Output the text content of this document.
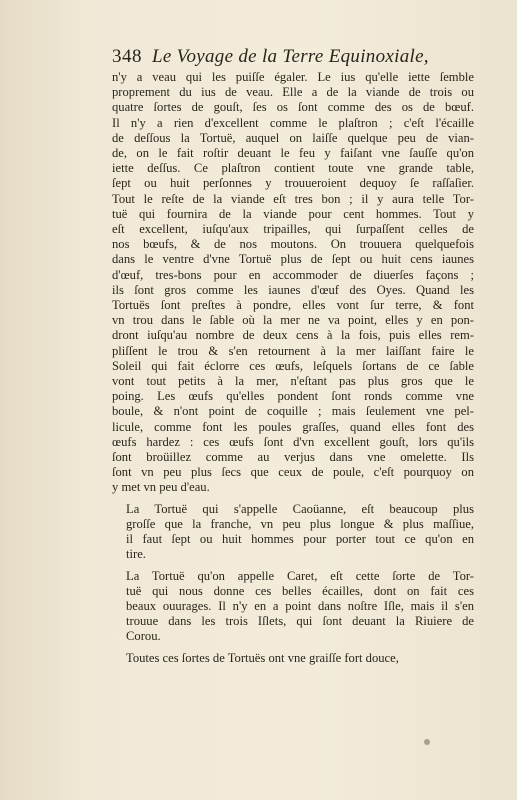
348 Le Voyage de la Terre Equinoxiale,
n'y a veau qui les puiſſe égaler. Le ius qu'elle iette ſemble
proprement du ius de veau. Elle a de la viande de trois ou
quatre ſortes de gouſt, ſes os ſont comme des os de bœuf.
Il n'y a rien d'excellent comme le plaſtron ; c'eſt l'écaille
de deſſous la Tortuë, auquel on laiſſe quelque peu de vian-
de, on le fait roſtir deuant le feu y faiſant vne ſauſſe qu'on
iette deſſus. Ce plaſtron contient toute vne grande table,
ſept ou huit perſonnes y trouueroient dequoy ſe raſſaſier.
Tout le reſte de la viande eſt tres bon ; il y aura telle Tor-
tuë qui fournira de la viande pour cent hommes. Tout y
eſt excellent, iuſqu'aux tripailles, qui ſurpaſſent celles de
nos bœufs, & de nos moutons. On trouuera quelquefois
dans le ventre d'vne Tortuë plus de ſept ou huit cens iaunes
d'œuf, tres-bons pour en accommoder de diuerſes façons ;
ils ſont gros comme les iaunes d'œuf des Oyes. Quand les
Tortuës ſont preſtes à pondre, elles vont ſur terre, & font
vn trou dans le ſable où la mer ne va point, elles y en pon-
dront iuſqu'au nombre de deux cens à la fois, puis elles rem-
pliſſent le trou & s'en retournent à la mer laiſſant faire le
Soleil qui fait éclorre ces œufs, leſquels ſortans de ce ſable
vont tout petits à la mer, n'eſtant pas plus gros que le
poing. Les œufs qu'elles pondent ſont ronds comme vne
boule, & n'ont point de coquille ; mais ſeulement vne pel-
licule, comme font les poules graſſes, quand elles font des
œufs hardez : ces œufs ſont d'vn excellent gouſt, lors qu'ils
ſont broüillez comme au verjus dans vne omelette. Ils
ſont vn peu plus ſecs que ceux de poule, c'eſt pourquoy on
y met vn peu d'eau.
La Tortuë qui s'appelle Caoüanne, eſt beaucoup plus
groſſe que la franche, vn peu plus longue & plus maſſiue,
il faut ſept ou huit hommes pour porter tout ce qu'on en
tire.
La Tortuë qu'on appelle Caret, eſt cette ſorte de Tor-
tuë qui nous donne ces belles écailles, dont on fait ces
beaux ouurages. Il n'y en a point dans noſtre Iſle, mais il s'en
trouue dans les trois Iſlets, qui ſont deuant la Riuiere de
Corou.
Toutes ces ſortes de Tortuës ont vne graiſſe fort douce,
